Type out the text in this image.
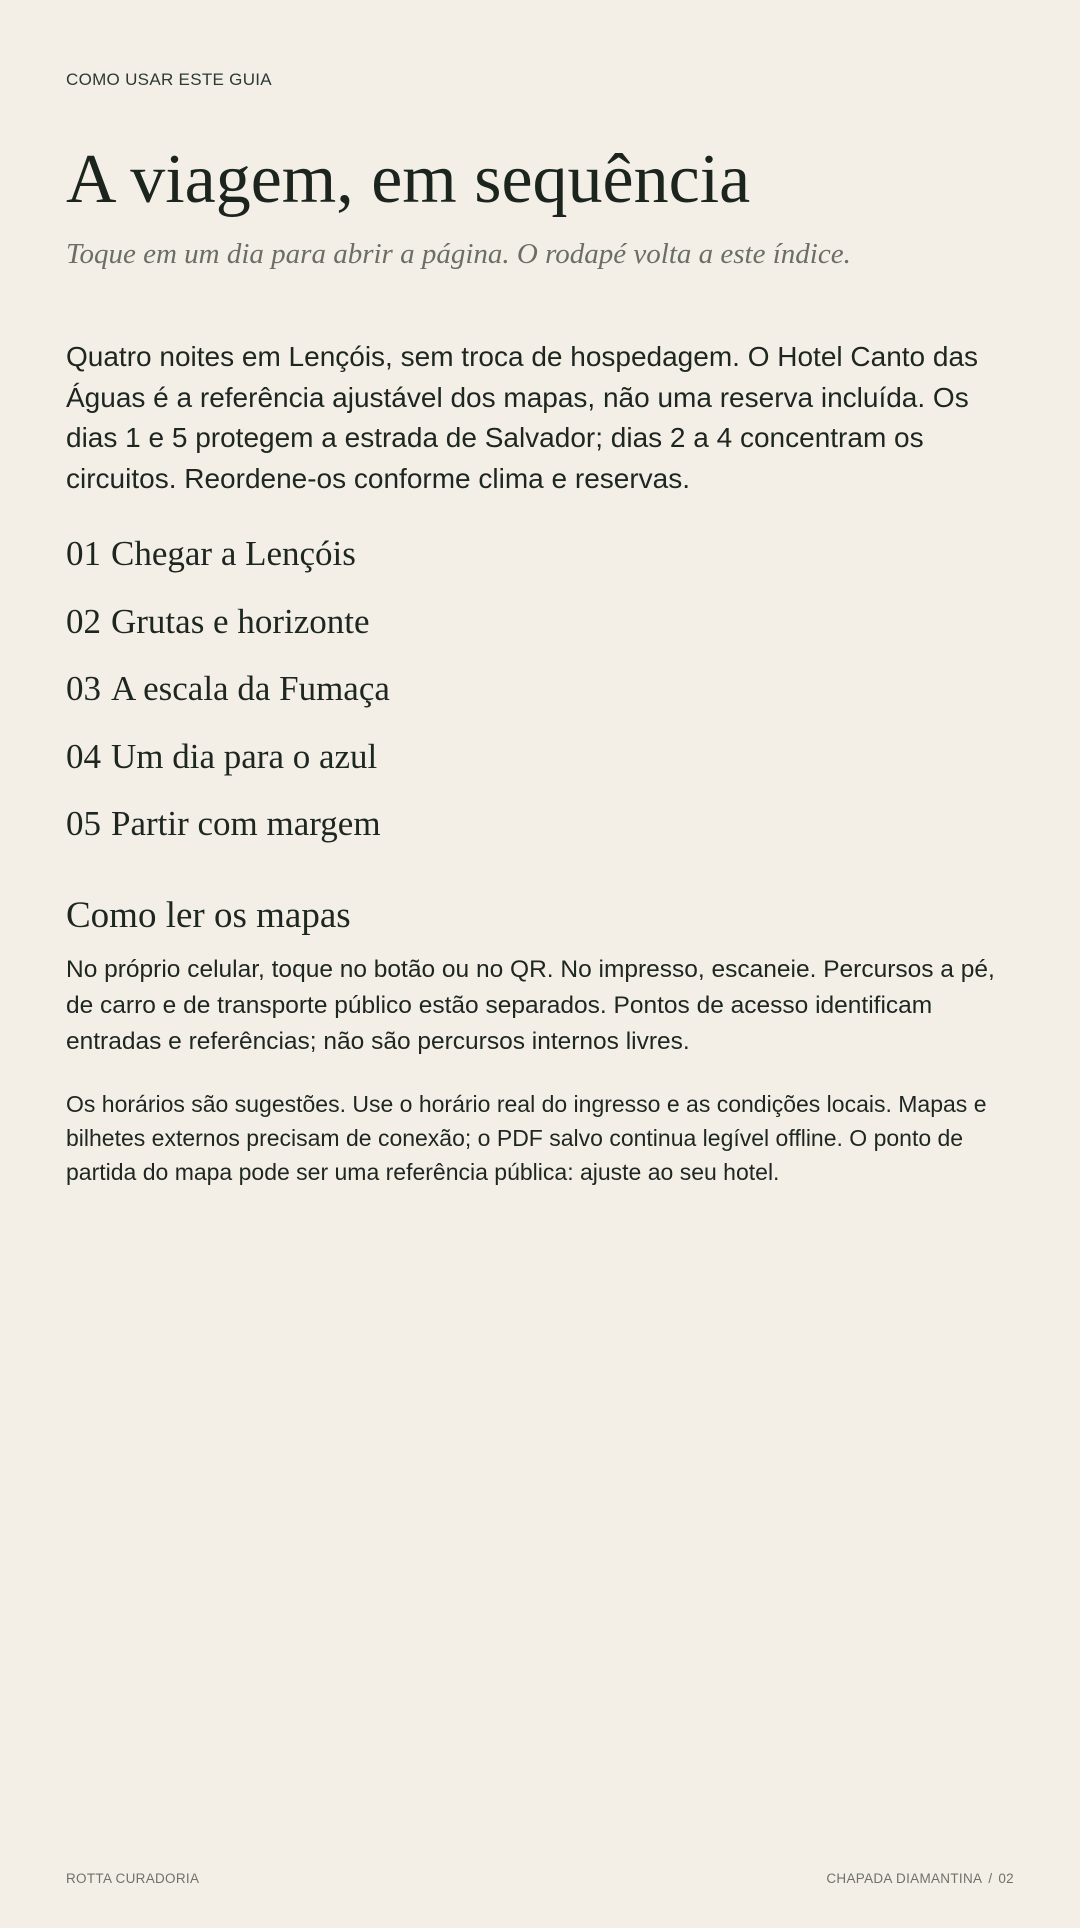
COMO USAR ESTE GUIA
A viagem, em sequência

Toque em um dia para abrir a página. O rodapé volta a este índice.

Quatro noites em Lençóis, sem troca de hospedagem. O Hotel Canto das Águas é a referência ajustável dos mapas, não uma reserva incluída. Os dias 1 e 5 protegem a estrada de Salvador; dias 2 a 4 concentram os circuitos. Reordene-os conforme clima e reservas.

01 Chegar a Lençóis
02 Grutas e horizonte
03 A escala da Fumaça
04 Um dia para o azul
05 Partir com margem
Como ler os mapas

No próprio celular, toque no botão ou no QR. No impresso, escaneie. Percursos a pé, de carro e de transporte público estão separados. Pontos de acesso identificam entradas e referências; não são percursos internos livres.

Os horários são sugestões. Use o horário real do ingresso e as condições locais. Mapas e bilhetes externos precisam de conexão; o PDF salvo continua legível offline. O ponto de partida do mapa pode ser uma referência pública: ajuste ao seu hotel.

ROTTA CURADORIA	CHAPADA DIAMANTINA / 02
